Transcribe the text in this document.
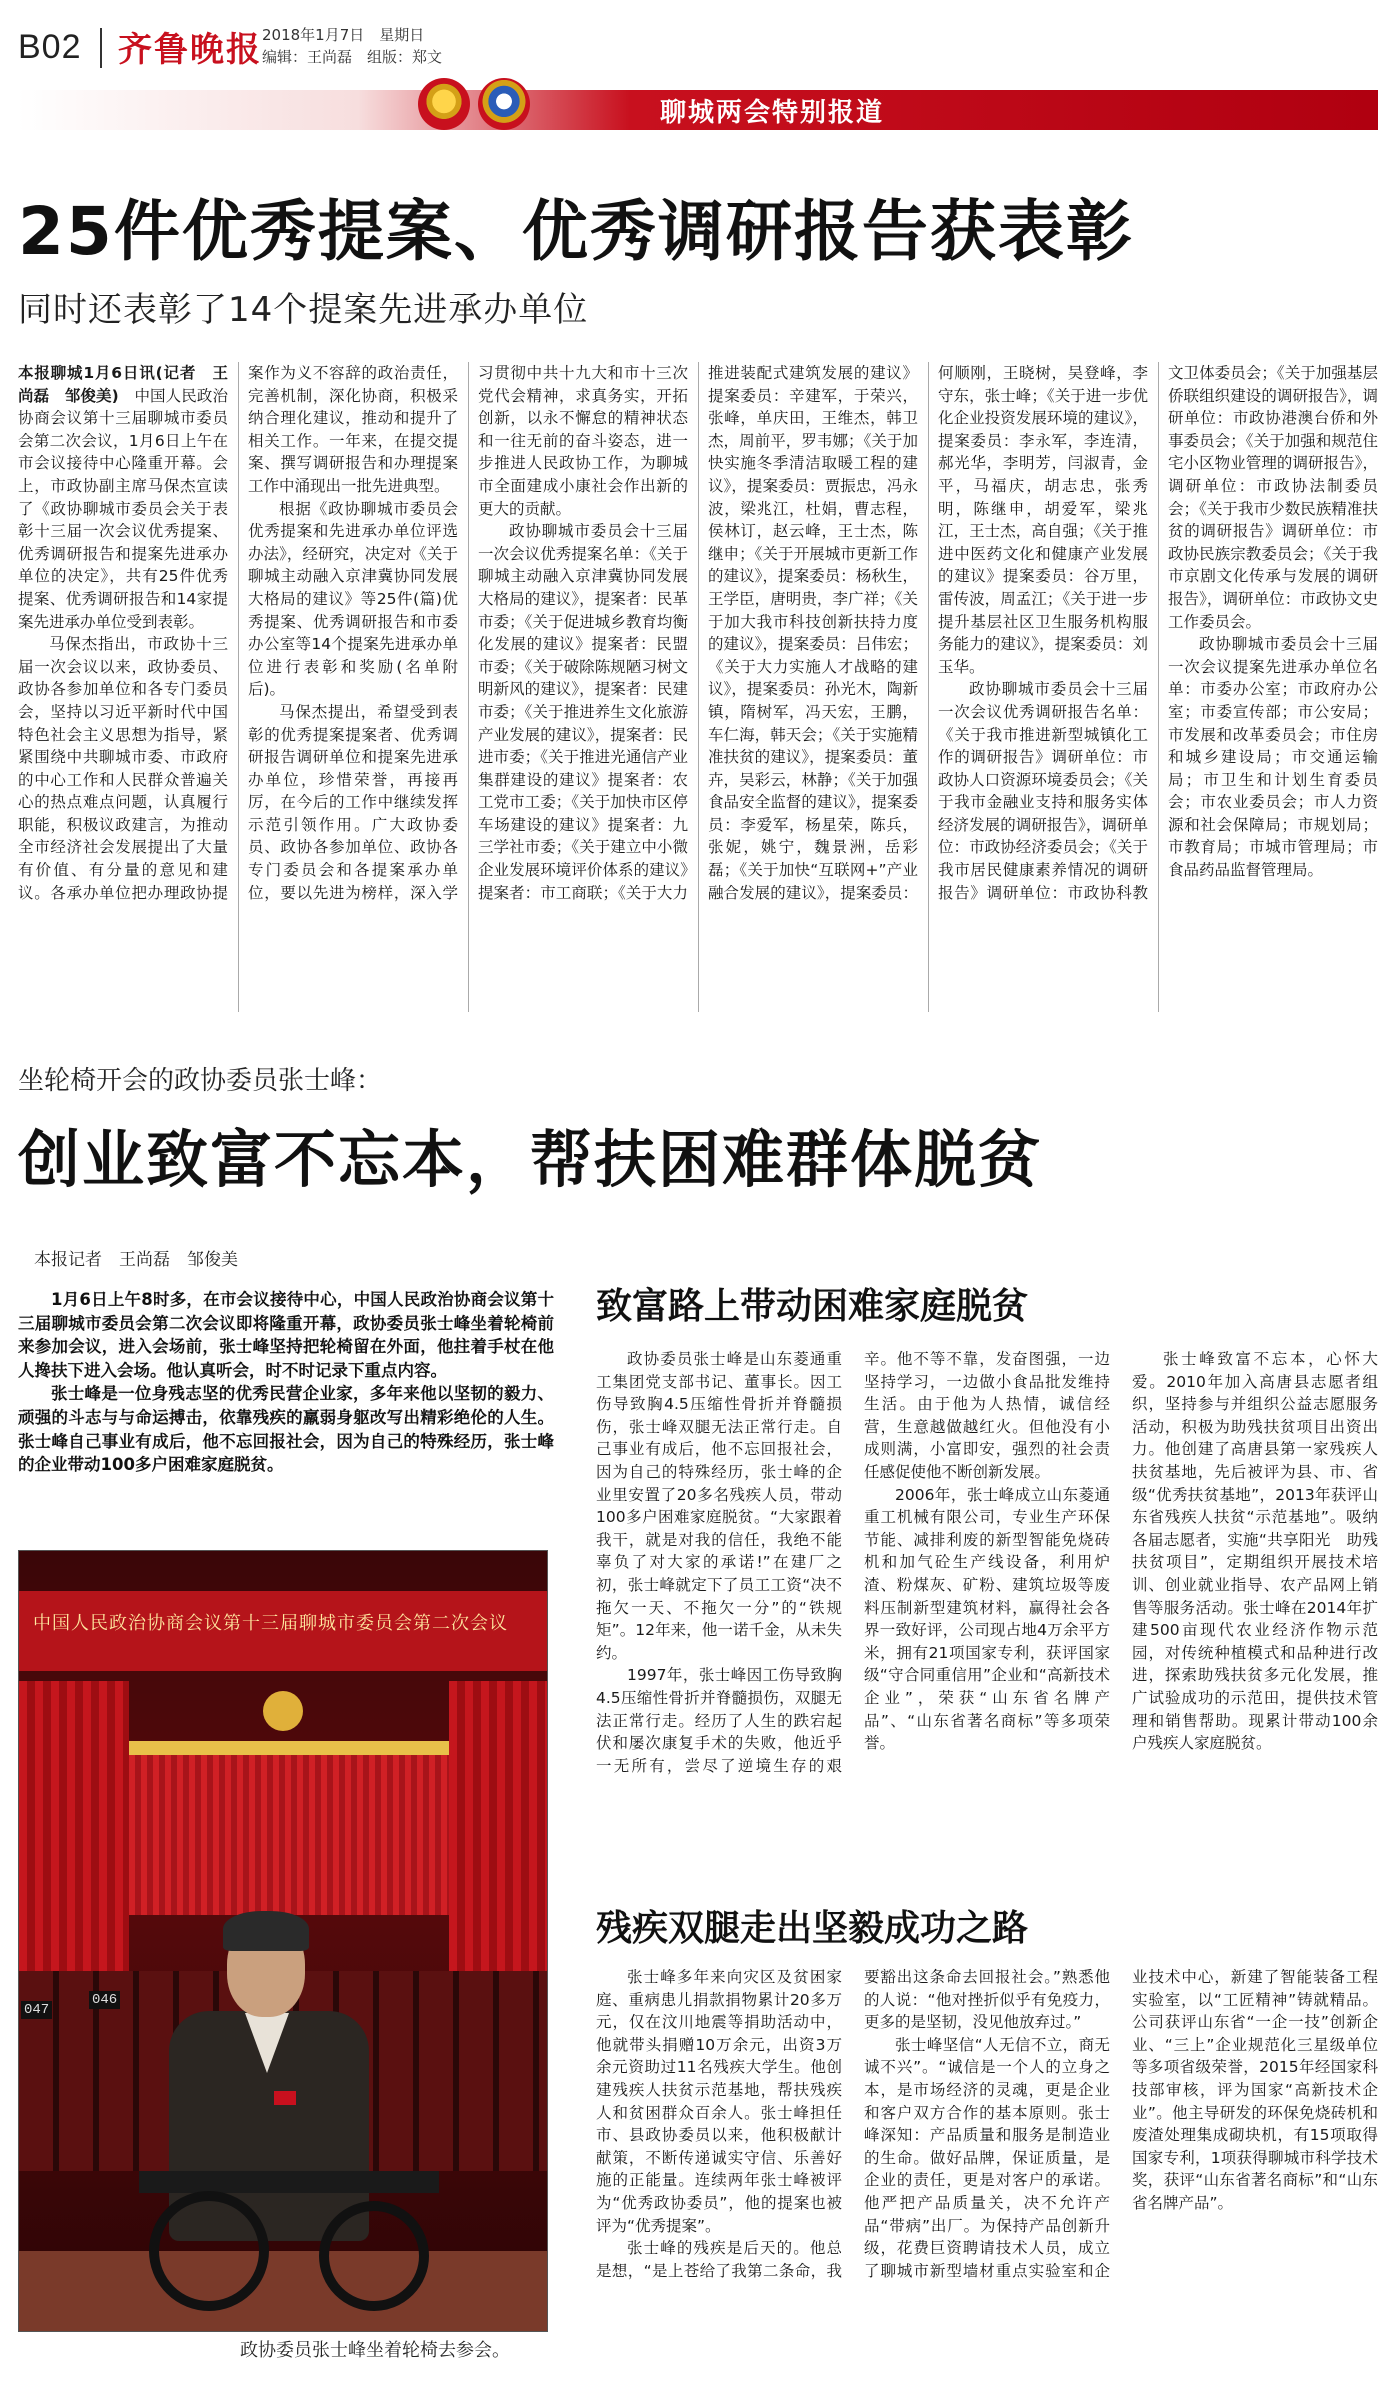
B02 齐鲁晚报 2018年1月7日　星期日
编辑：王尚磊　组版：郑文
聊城两会特别报道
25件优秀提案、优秀调研报告获表彰
同时还表彰了14个提案先进承办单位

本报聊城1月6日讯(记者　王尚磊　邹俊美)　 中国人民政治协商会议第十三届聊城市委员会第二次会议，1月6日上午在市会议接待中心隆重开幕。会上，市政协副主席马保杰宣读了《政协聊城市委员会关于表彰十三届一次会议优秀提案、优秀调研报告和提案先进承办单位的决定》，共有25件优秀提案、优秀调研报告和14家提案先进承办单位受到表彰。

马保杰指出，市政协十三届一次会议以来，政协委员、政协各参加单位和各专门委员会，坚持以习近平新时代中国特色社会主义思想为指导，紧紧围绕中共聊城市委、市政府的中心工作和人民群众普遍关心的热点难点问题，认真履行职能，积极议政建言，为推动全市经济社会发展提出了大量有价值、有分量的意见和建议。各承办单位把办理政协提案作为义不容辞的政治责任，完善机制，深化协商，积极采纳合理化建议，推动和提升了相关工作。一年来，在提交提案、撰写调研报告和办理提案工作中涌现出一批先进典型。

根据《政协聊城市委员会优秀提案和先进承办单位评选办法》，经研究，决定对《关于聊城主动融入京津冀协同发展大格局的建议》等25件(篇)优秀提案、优秀调研报告和市委办公室等14个提案先进承办单位进行表彰和奖励(名单附后)。

马保杰提出，希望受到表彰的优秀提案提案者、优秀调研报告调研单位和提案先进承办单位，珍惜荣誉，再接再厉，在今后的工作中继续发挥示范引领作用。广大政协委员、政协各参加单位、政协各专门委员会和各提案承办单位，要以先进为榜样，深入学习贯彻中共十九大和市十三次党代会精神，求真务实，开拓创新，以永不懈怠的精神状态和一往无前的奋斗姿态，进一步推进人民政协工作，为聊城市全面建成小康社会作出新的更大的贡献。

政协聊城市委员会十三届一次会议优秀提案名单：《关于聊城主动融入京津冀协同发展大格局的建议》，提案者：民革市委；《关于促进城乡教育均衡化发展的建议》提案者：民盟市委；《关于破除陈规陋习树文明新风的建议》，提案者：民建市委；《关于推进养生文化旅游产业发展的建议》，提案者：民进市委；《关于推进光通信产业集群建设的建议》提案者：农工党市工委；《关于加快市区停车场建设的建议》提案者：九三学社市委；《关于建立中小微企业发展环境评价体系的建议》提案者：市工商联；《关于大力推进装配式建筑发展的建议》提案委员：辛建军，于荣兴，张峰，单庆田，王维杰，韩卫杰，周前平，罗韦娜；《关于加快实施冬季清洁取暖工程的建议》，提案委员：贾振忠，冯永波，梁兆江，杜娟，曹志程，侯林订，赵云峰，王士杰，陈继申；《关于开展城市更新工作的建议》，提案委员：杨秋生，王学臣，唐明贵，李广祥；《关于加大我市科技创新扶持力度的建议》，提案委员：吕伟宏；《关于大力实施人才战略的建议》，提案委员：孙光木，陶新镇，隋树军，冯天宏，王鹏，车仁海，韩天会；《关于实施精准扶贫的建议》，提案委员：董卉，吴彩云，林静；《关于加强食品安全监督的建议》，提案委员：李爱军，杨星荣，陈兵，张妮，姚宁，魏景洲，岳彩磊；《关于加快“互联网+”产业融合发展的建议》，提案委员：何顺刚，王晓树，吴登峰，李守东，张士峰；《关于进一步优化企业投资发展环境的建议》，提案委员：李永军，李连清，郝光华，李明芳，闫淑青，金平，马福庆，胡志忠，张秀明，陈继申，胡爱军，梁兆江，王士杰，高自强；《关于推进中医药文化和健康产业发展的建议》提案委员：谷万里，雷传波，周孟江；《关于进一步提升基层社区卫生服务机构服务能力的建议》，提案委员：刘玉华。

政协聊城市委员会十三届一次会议优秀调研报告名单：《关于我市推进新型城镇化工作的调研报告》调研单位：市政协人口资源环境委员会；《关于我市金融业支持和服务实体经济发展的调研报告》，调研单位：市政协经济委员会；《关于我市居民健康素养情况的调研报告》调研单位：市政协科教文卫体委员会；《关于加强基层侨联组织建设的调研报告》，调研单位：市政协港澳台侨和外事委员会；《关于加强和规范住宅小区物业管理的调研报告》，调研单位：市政协法制委员会；《关于我市少数民族精准扶贫的调研报告》调研单位：市政协民族宗教委员会；《关于我市京剧文化传承与发展的调研报告》，调研单位：市政协文史工作委员会。

政协聊城市委员会十三届一次会议提案先进承办单位名单：市委办公室；市政府办公室；市委宣传部；市公安局；市发展和改革委员会；市住房和城乡建设局；市交通运输局；市卫生和计划生育委员会；市农业委员会；市人力资源和社会保障局；市规划局；市教育局；市城市管理局；市食品药品监督管理局。

坐轮椅开会的政协委员张士峰：
创业致富不忘本，帮扶困难群体脱贫
本报记者　王尚磊　邹俊美

1月6日上午8时多，在市会议接待中心，中国人民政治协商会议第十三届聊城市委员会第二次会议即将隆重开幕，政协委员张士峰坐着轮椅前来参加会议，进入会场前，张士峰坚持把轮椅留在外面，他拄着手杖在他人搀扶下进入会场。他认真听会，时不时记录下重点内容。

张士峰是一位身残志坚的优秀民营企业家，多年来他以坚韧的毅力、顽强的斗志与与命运搏击，依靠残疾的羸弱身躯改写出精彩绝伦的人生。张士峰自己事业有成后，他不忘回报社会，因为自己的特殊经历，张士峰的企业带动100多户困难家庭脱贫。

中国人民政治协商会议第十三届聊城市委员会第二次会议
047
046
政协委员张士峰坐着轮椅去参会。
致富路上带动困难家庭脱贫

政协委员张士峰是山东菱通重工集团党支部书记、董事长。因工伤导致胸4.5压缩性骨折并脊髓损伤，张士峰双腿无法正常行走。自己事业有成后，他不忘回报社会，因为自己的特殊经历，张士峰的企业里安置了20多名残疾人员，带动100多户困难家庭脱贫。“大家跟着我干，就是对我的信任，我绝不能辜负了对大家的承诺!”在建厂之初，张士峰就定下了员工工资“决不拖欠一天、不拖欠一分”的“铁规矩”。12年来，他一诺千金，从未失约。

1997年，张士峰因工伤导致胸4.5压缩性骨折并脊髓损伤，双腿无法正常行走。经历了人生的跌宕起伏和屡次康复手术的失败，他近乎一无所有，尝尽了逆境生存的艰辛。他不等不靠，发奋图强，一边坚持学习，一边做小食品批发维持生活。由于他为人热情，诚信经营，生意越做越红火。但他没有小成则满，小富即安，强烈的社会责任感促使他不断创新发展。

2006年，张士峰成立山东菱通重工机械有限公司，专业生产环保节能、减排利废的新型智能免烧砖机和加气砼生产线设备，利用炉渣、粉煤灰、矿粉、建筑垃圾等废料压制新型建筑材料，赢得社会各界一致好评，公司现占地4万余平方米，拥有21项国家专利，获评国家级“守合同重信用”企业和“高新技术企业”，荣获“山东省名牌产品”、“山东省著名商标”等多项荣誉。

张士峰致富不忘本，心怀大爱。2010年加入高唐县志愿者组织，坚持参与并组织公益志愿服务活动，积极为助残扶贫项目出资出力。他创建了高唐县第一家残疾人扶贫基地，先后被评为县、市、省级“优秀扶贫基地”，2013年获评山东省残疾人扶贫“示范基地”。吸纳各届志愿者，实施“共享阳光　助残扶贫项目”，定期组织开展技术培训、创业就业指导、农产品网上销售等服务活动。张士峰在2014年扩建500亩现代农业经济作物示范园，对传统种植模式和品种进行改进，探索助残扶贫多元化发展，推广试验成功的示范田，提供技术管理和销售帮助。现累计带动100余户残疾人家庭脱贫。

残疾双腿走出坚毅成功之路

张士峰多年来向灾区及贫困家庭、重病患儿捐款捐物累计20多万元，仅在汶川地震等捐助活动中，他就带头捐赠10万余元，出资3万余元资助过11名残疾大学生。他创建残疾人扶贫示范基地，帮扶残疾人和贫困群众百余人。张士峰担任市、县政协委员以来，他积极献计献策，不断传递诚实守信、乐善好施的正能量。连续两年张士峰被评为“优秀政协委员”，他的提案也被评为“优秀提案”。

张士峰的残疾是后天的。他总是想，“是上苍给了我第二条命，我要豁出这条命去回报社会。”熟悉他的人说：“他对挫折似乎有免疫力，更多的是坚韧，没见他放弃过。”

张士峰坚信“人无信不立，商无诚不兴”。“诚信是一个人的立身之本，是市场经济的灵魂，更是企业和客户双方合作的基本原则。张士峰深知：产品质量和服务是制造业的生命。做好品牌，保证质量，是企业的责任，更是对客户的承诺。他严把产品质量关，决不允许产品“带病”出厂。为保持产品创新升级，花费巨资聘请技术人员，成立了聊城市新型墙材重点实验室和企业技术中心，新建了智能装备工程实验室，以“工匠精神”铸就精品。公司获评山东省“一企一技”创新企业、“三上”企业规范化三星级单位等多项省级荣誉，2015年经国家科技部审核，评为国家“高新技术企业”。他主导研发的环保免烧砖机和废渣处理集成砌块机，有15项取得国家专利，1项获得聊城市科学技术奖，获评“山东省著名商标”和“山东省名牌产品”。
